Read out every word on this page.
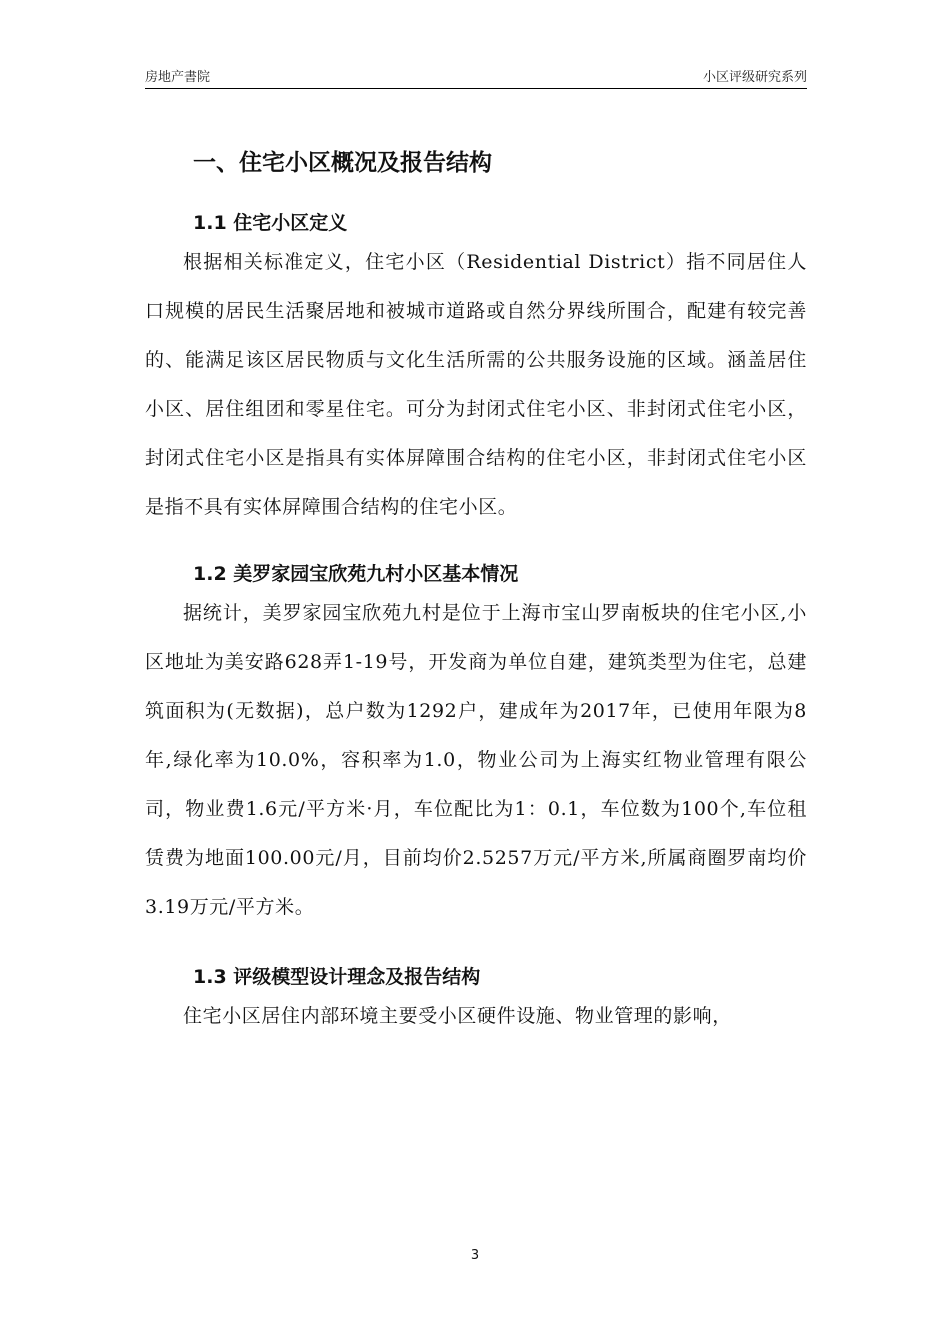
房地产書院	小区评级研究系列
一、住宅小区概况及报告结构
1.1 住宅小区定义

根据相关标准定义，住宅小区（Residential District）指不同居住人口规模的居民生活聚居地和被城市道路或自然分界线所围合，配建有较完善的、能满足该区居民物质与文化生活所需的公共服务设施的区域。涵盖居住小区、居住组团和零星住宅。可分为封闭式住宅小区、非封闭式住宅小区，封闭式住宅小区是指具有实体屏障围合结构的住宅小区，非封闭式住宅小区是指不具有实体屏障围合结构的住宅小区。

1.2 美罗家园宝欣苑九村小区基本情况

据统计，美罗家园宝欣苑九村是位于上海市宝山罗南板块的住宅小区,小区地址为美安路628弄1-19号，开发商为单位自建，建筑类型为住宅，总建筑面积为(无数据)，总户数为1292户，建成年为2017年，已使用年限为8年,绿化率为10.0%，容积率为1.0，物业公司为上海实红物业管理有限公司，物业费1.6元/平方米·月，车位配比为1：0.1，车位数为100个,车位租赁费为地面100.00元/月，目前均价2.5257万元/平方米,所属商圈罗南均价3.19万元/平方米。

1.3 评级模型设计理念及报告结构

住宅小区居住内部环境主要受小区硬件设施、物业管理的影响，

3
